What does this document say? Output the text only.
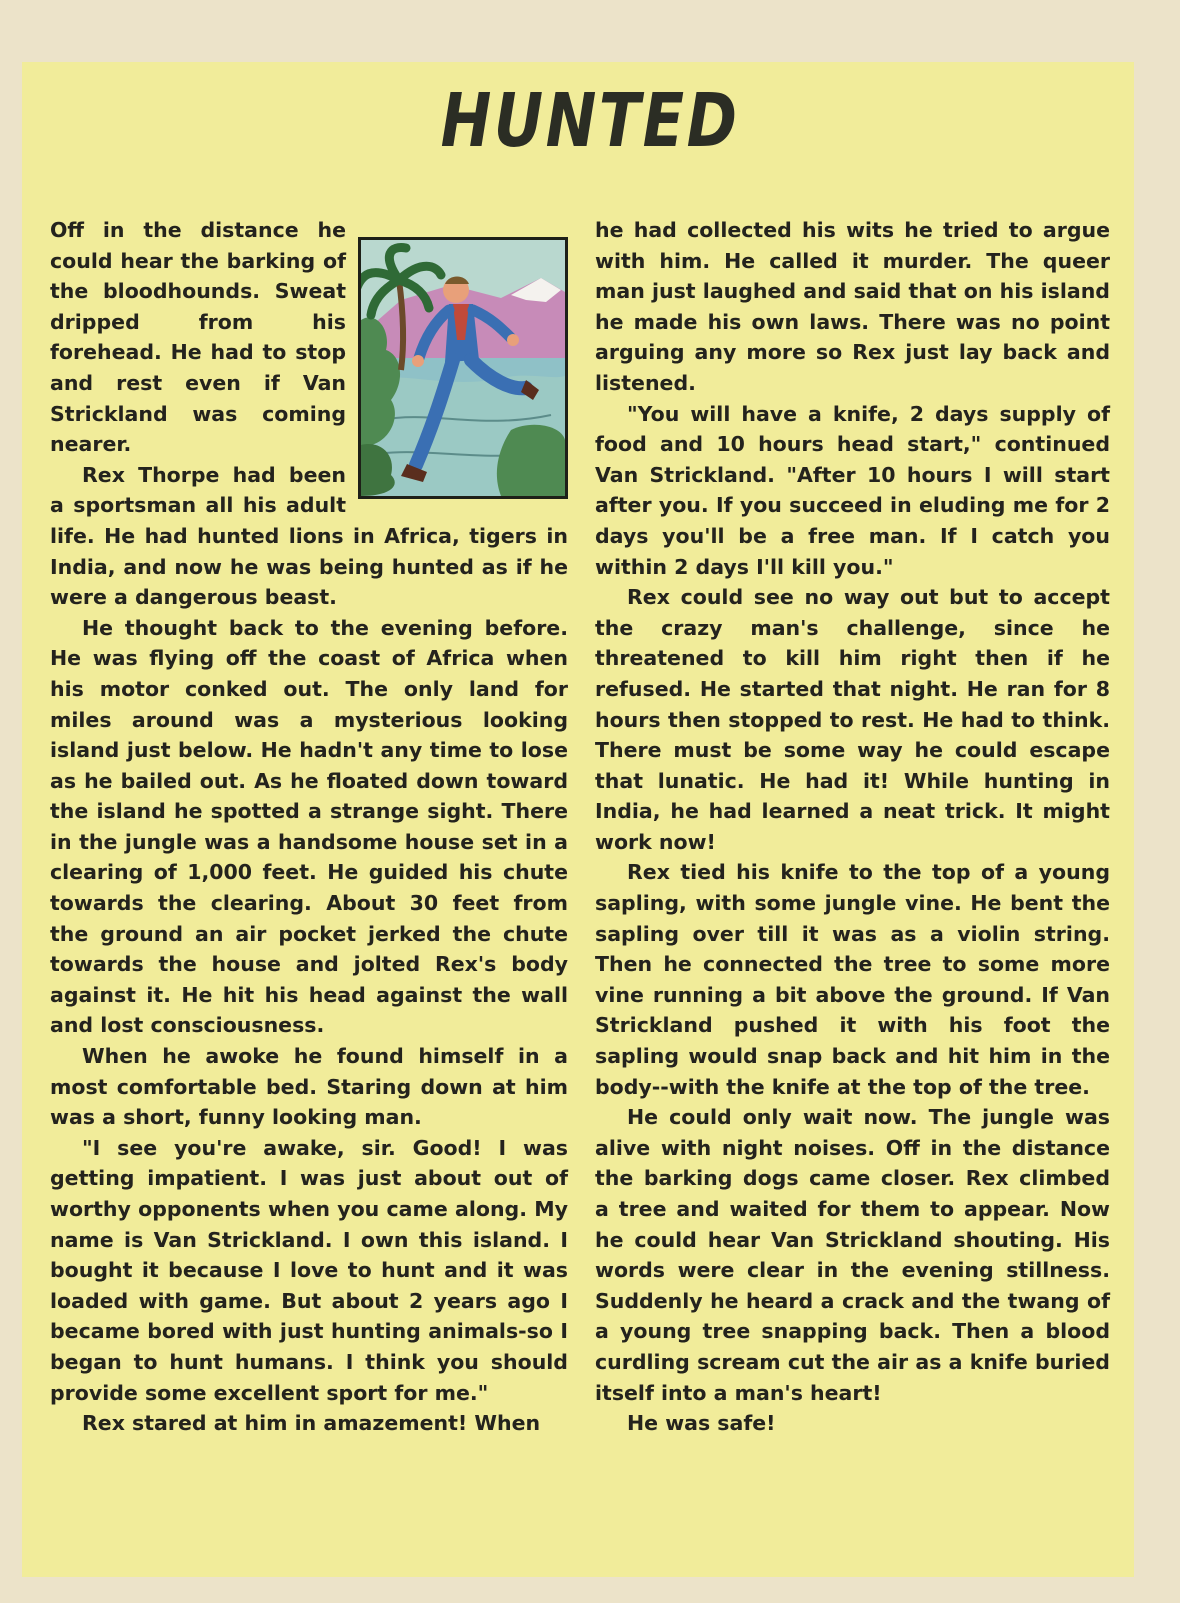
HUNTED

Off in the distance he could hear the barking of the bloodhounds. Sweat dripped from his forehead. He had to stop and rest even if Van Strickland was coming nearer.

Rex Thorpe had been a sportsman all his adult life. He had hunted lions in Africa, tigers in India, and now he was being hunted as if he were a dangerous beast.

He thought back to the evening before. He was flying off the coast of Africa when his motor conked out. The only land for miles around was a mysterious looking island just below. He hadn't any time to lose as he bailed out. As he floated down toward the island he spotted a strange sight. There in the jungle was a handsome house set in a clearing of 1,000 feet. He guided his chute towards the clearing. About 30 feet from the ground an air pocket jerked the chute towards the house and jolted Rex's body against it. He hit his head against the wall and lost consciousness.

When he awoke he found himself in a most comfortable bed. Staring down at him was a short, funny looking man.

"I see you're awake, sir. Good! I was getting impatient. I was just about out of worthy opponents when you came along. My name is Van Strickland. I own this island. I bought it because I love to hunt and it was loaded with game. But about 2 years ago I became bored with just hunting animals-so I began to hunt humans. I think you should provide some excellent sport for me."

Rex stared at him in amazement! When

he had collected his wits he tried to argue with him. He called it murder. The queer man just laughed and said that on his island he made his own laws. There was no point arguing any more so Rex just lay back and listened.

"You will have a knife, 2 days supply of food and 10 hours head start," continued Van Strickland. "After 10 hours I will start after you. If you succeed in eluding me for 2 days you'll be a free man. If I catch you within 2 days I'll kill you."

Rex could see no way out but to accept the crazy man's challenge, since he threatened to kill him right then if he refused. He started that night. He ran for 8 hours then stopped to rest. He had to think. There must be some way he could escape that lunatic. He had it! While hunting in India, he had learned a neat trick. It might work now!

Rex tied his knife to the top of a young sapling, with some jungle vine. He bent the sapling over till it was as a violin string. Then he connected the tree to some more vine running a bit above the ground. If Van Strickland pushed it with his foot the sapling would snap back and hit him in the body--with the knife at the top of the tree.

He could only wait now. The jungle was alive with night noises. Off in the distance the barking dogs came closer. Rex climbed a tree and waited for them to appear. Now he could hear Van Strickland shouting. His words were clear in the evening stillness. Suddenly he heard a crack and the twang of a young tree snapping back. Then a blood curdling scream cut the air as a knife buried itself into a man's heart!

He was safe!
